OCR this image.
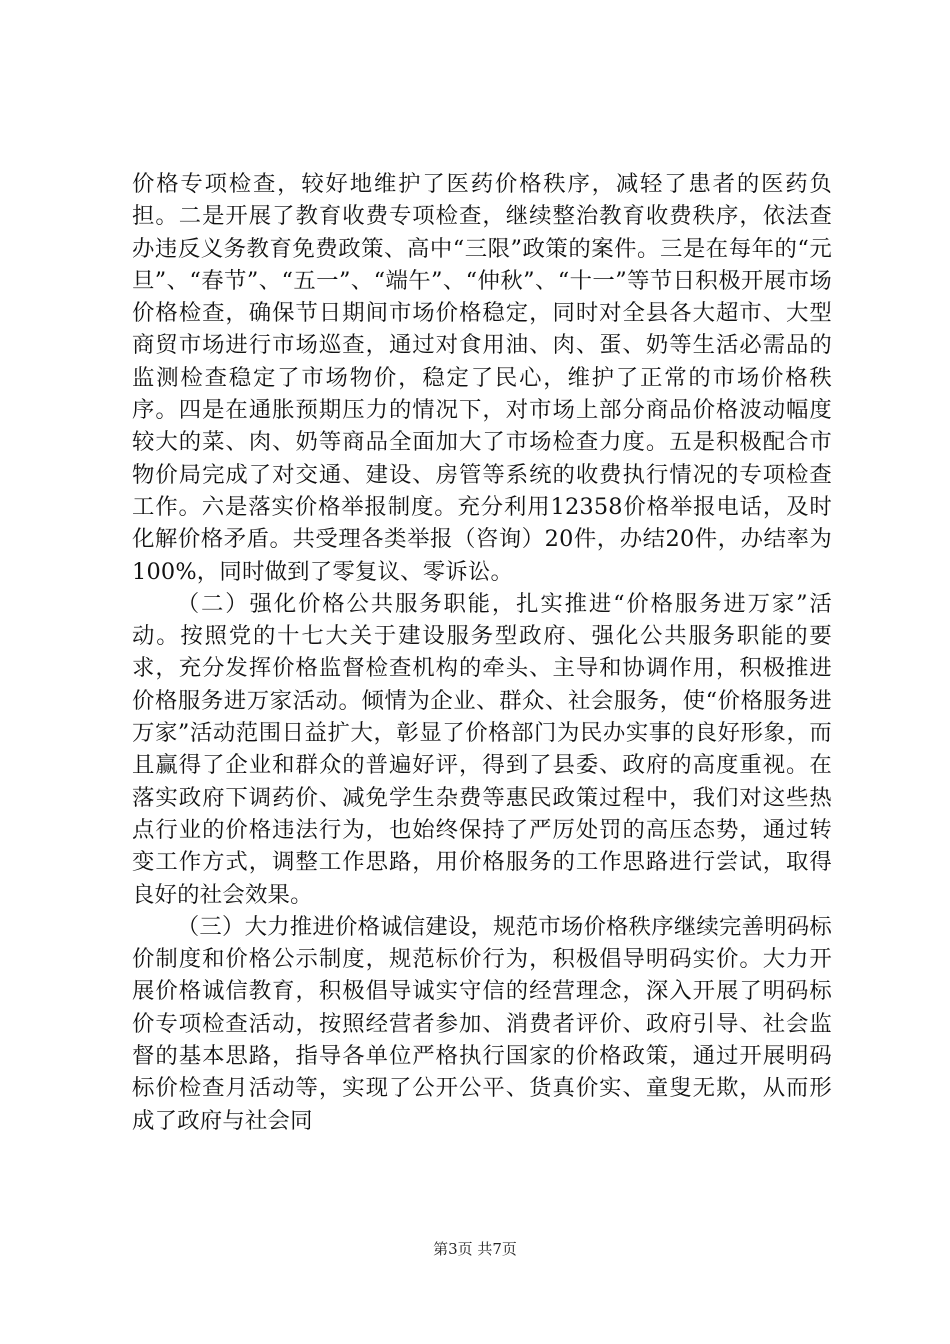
价格专项检查，较好地维护了医药价格秩序，减轻了患者的医药负担。二是开展了教育收费专项检查，继续整治教育收费秩序，依法查办违反义务教育免费政策、高中“三限”政策的案件。三是在每年的“元旦”、“春节”、“五一”、“端午”、“仲秋”、“十一”等节日积极开展市场价格检查，确保节日期间市场价格稳定，同时对全县各大超市、大型商贸市场进行市场巡查，通过对食用油、肉、蛋、奶等生活必需品的监测检查稳定了市场物价，稳定了民心，维护了正常的市场价格秩序。四是在通胀预期压力的情况下，对市场上部分商品价格波动幅度较大的菜、肉、奶等商品全面加大了市场检查力度。五是积极配合市物价局完成了对交通、建设、房管等系统的收费执行情况的专项检查工作。六是落实价格举报制度。充分利用12358价格举报电话，及时化解价格矛盾。共受理各类举报（咨询）20件，办结20件，办结率为100%，同时做到了零复议、零诉讼。

（二）强化价格公共服务职能，扎实推进“价格服务进万家”活动。按照党的十七大关于建设服务型政府、强化公共服务职能的要求，充分发挥价格监督检查机构的牵头、主导和协调作用，积极推进价格服务进万家活动。倾情为企业、群众、社会服务，使“价格服务进万家”活动范围日益扩大，彰显了价格部门为民办实事的良好形象，而且赢得了企业和群众的普遍好评，得到了县委、政府的高度重视。在落实政府下调药价、减免学生杂费等惠民政策过程中，我们对这些热点行业的价格违法行为，也始终保持了严厉处罚的高压态势，通过转变工作方式，调整工作思路，用价格服务的工作思路进行尝试，取得良好的社会效果。

（三）大力推进价格诚信建设，规范市场价格秩序继续完善明码标价制度和价格公示制度，规范标价行为，积极倡导明码实价。大力开展价格诚信教育，积极倡导诚实守信的经营理念，深入开展了明码标价专项检查活动，按照经营者参加、消费者评价、政府引导、社会监督的基本思路，指导各单位严格执行国家的价格政策，通过开展明码标价检查月活动等，实现了公开公平、货真价实、童叟无欺，从而形成了政府与社会同

第3页 共7页
